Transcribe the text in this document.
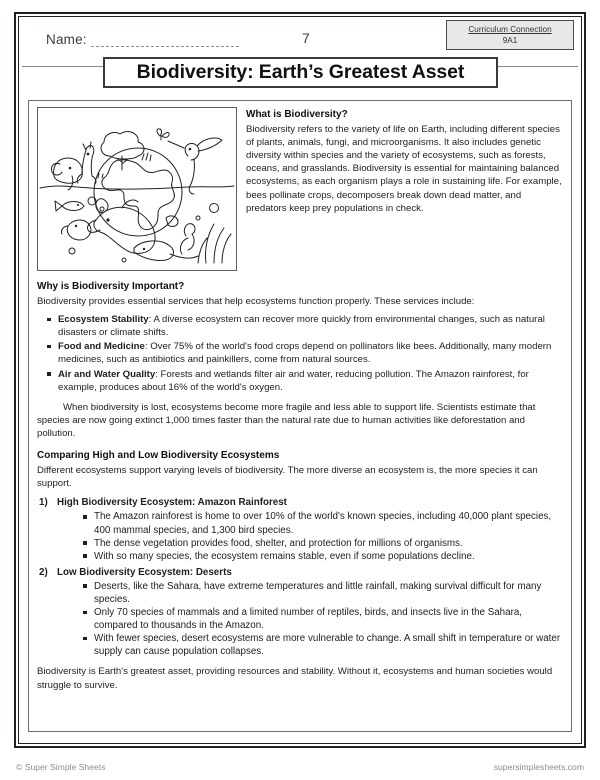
Name:	7
Curriculum Connection
9A1
Biodiversity: Earth’s Greatest Asset
What is Biodiversity?

Biodiversity refers to the variety of life on Earth, including different species of plants, animals, fungi, and microorganisms. It also includes genetic diversity within species and the variety of ecosystems, such as forests, oceans, and grasslands. Biodiversity is essential for maintaining balanced ecosystems, as each organism plays a role in sustaining life. For example, bees pollinate crops, decomposers break down dead matter, and predators keep prey populations in check.

Why is Biodiversity Important?

Biodiversity provides essential services that help ecosystems function properly. These services include:

Ecosystem Stability: A diverse ecosystem can recover more quickly from environmental changes, such as natural disasters or climate shifts.
Food and Medicine: Over 75% of the world's food crops depend on pollinators like bees. Additionally, many modern medicines, such as antibiotics and painkillers, come from natural sources.
Air and Water Quality: Forests and wetlands filter air and water, reducing pollution. The Amazon rainforest, for example, produces about 16% of the world's oxygen.

When biodiversity is lost, ecosystems become more fragile and less able to support life. Scientists estimate that species are now going extinct 1,000 times faster than the natural rate due to human activities like deforestation and pollution.

Comparing High and Low Biodiversity Ecosystems

Different ecosystems support varying levels of biodiversity. The more diverse an ecosystem is, the more species it can support.

High Biodiversity Ecosystem: Amazon Rainforest
The Amazon rainforest is home to over 10% of the world's known species, including 40,000 plant species, 400 mammal species, and 1,300 bird species.
The dense vegetation provides food, shelter, and protection for millions of organisms.
With so many species, the ecosystem remains stable, even if some populations decline.
Low Biodiversity Ecosystem: Deserts
Deserts, like the Sahara, have extreme temperatures and little rainfall, making survival difficult for many species.
Only 70 species of mammals and a limited number of reptiles, birds, and insects live in the Sahara, compared to thousands in the Amazon.
With fewer species, desert ecosystems are more vulnerable to change. A small shift in temperature or water supply can cause population collapses.

Biodiversity is Earth's greatest asset, providing resources and stability. Without it, ecosystems and human societies would struggle to survive.

© Super Simple Sheets	supersimplesheets.com
